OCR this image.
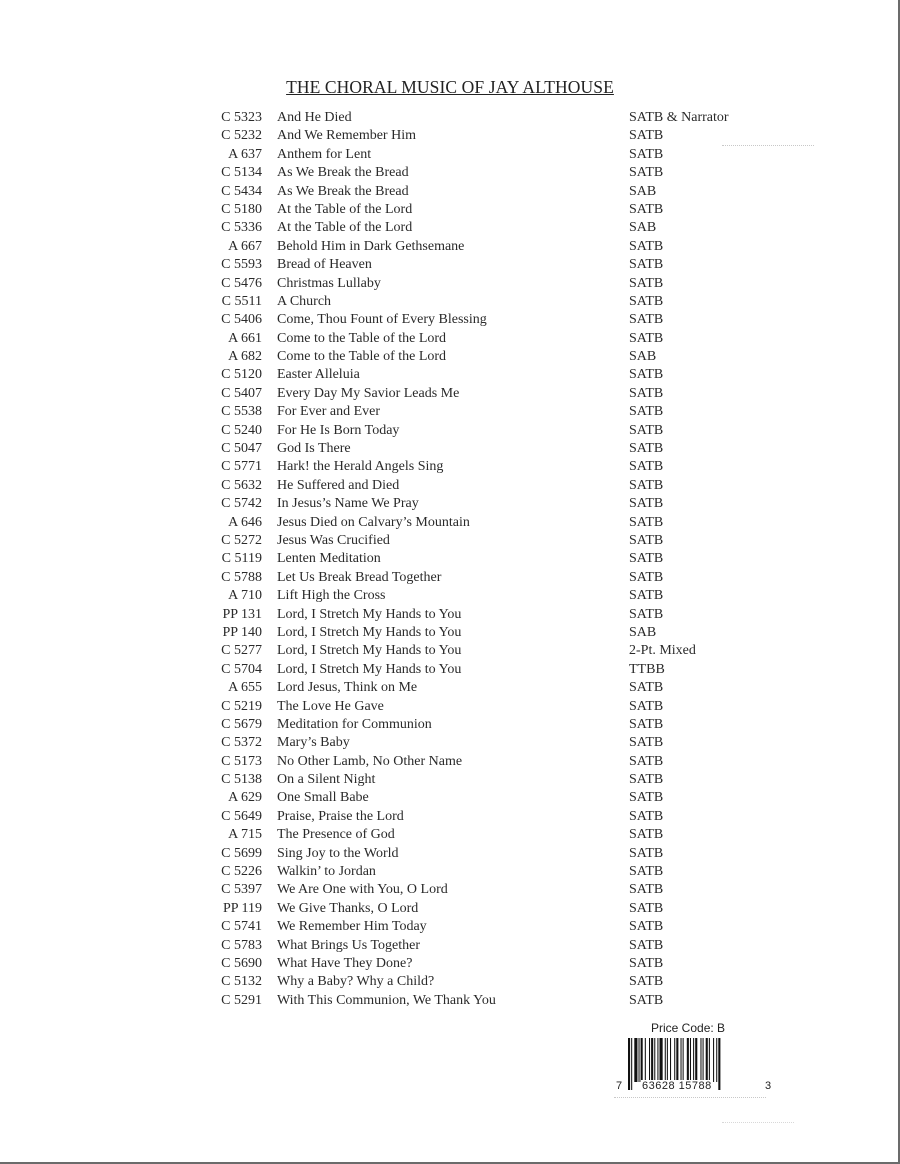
THE CHORAL MUSIC OF JAY ALTHOUSE
C 5323 And He Died	SATB & Narrator
C 5232 And We Remember Him	SATB
A 637 Anthem for Lent	SATB
C 5134 As We Break the Bread	SATB
C 5434 As We Break the Bread	SAB
C 5180 At the Table of the Lord	SATB
C 5336 At the Table of the Lord	SAB
A 667 Behold Him in Dark Gethsemane	SATB
C 5593 Bread of Heaven	SATB
C 5476 Christmas Lullaby	SATB
C 5511 A Church	SATB
C 5406 Come, Thou Fount of Every Blessing	SATB
A 661 Come to the Table of the Lord	SATB
A 682 Come to the Table of the Lord	SAB
C 5120 Easter Alleluia	SATB
C 5407 Every Day My Savior Leads Me	SATB
C 5538 For Ever and Ever	SATB
C 5240 For He Is Born Today	SATB
C 5047 God Is There	SATB
C 5771 Hark! the Herald Angels Sing	SATB
C 5632 He Suffered and Died	SATB
C 5742 In Jesus’s Name We Pray	SATB
A 646 Jesus Died on Calvary’s Mountain	SATB
C 5272 Jesus Was Crucified	SATB
C 5119 Lenten Meditation	SATB
C 5788 Let Us Break Bread Together	SATB
A 710 Lift High the Cross	SATB
PP 131 Lord, I Stretch My Hands to You	SATB
PP 140 Lord, I Stretch My Hands to You	SAB
C 5277 Lord, I Stretch My Hands to You	2-Pt. Mixed
C 5704 Lord, I Stretch My Hands to You	TTBB
A 655 Lord Jesus, Think on Me	SATB
C 5219 The Love He Gave	SATB
C 5679 Meditation for Communion	SATB
C 5372 Mary’s Baby	SATB
C 5173 No Other Lamb, No Other Name	SATB
C 5138 On a Silent Night	SATB
A 629 One Small Babe	SATB
C 5649 Praise, Praise the Lord	SATB
A 715 The Presence of God	SATB
C 5699 Sing Joy to the World	SATB
C 5226 Walkin’ to Jordan	SATB
C 5397 We Are One with You, O Lord	SATB
PP 119 We Give Thanks, O Lord	SATB
C 5741 We Remember Him Today	SATB
C 5783 What Brings Us Together	SATB
C 5690 What Have They Done?	SATB
C 5132 Why a Baby? Why a Child?	SATB
C 5291 With This Communion, We Thank You	SATB
Price Code: B
7 63628 15788	3
